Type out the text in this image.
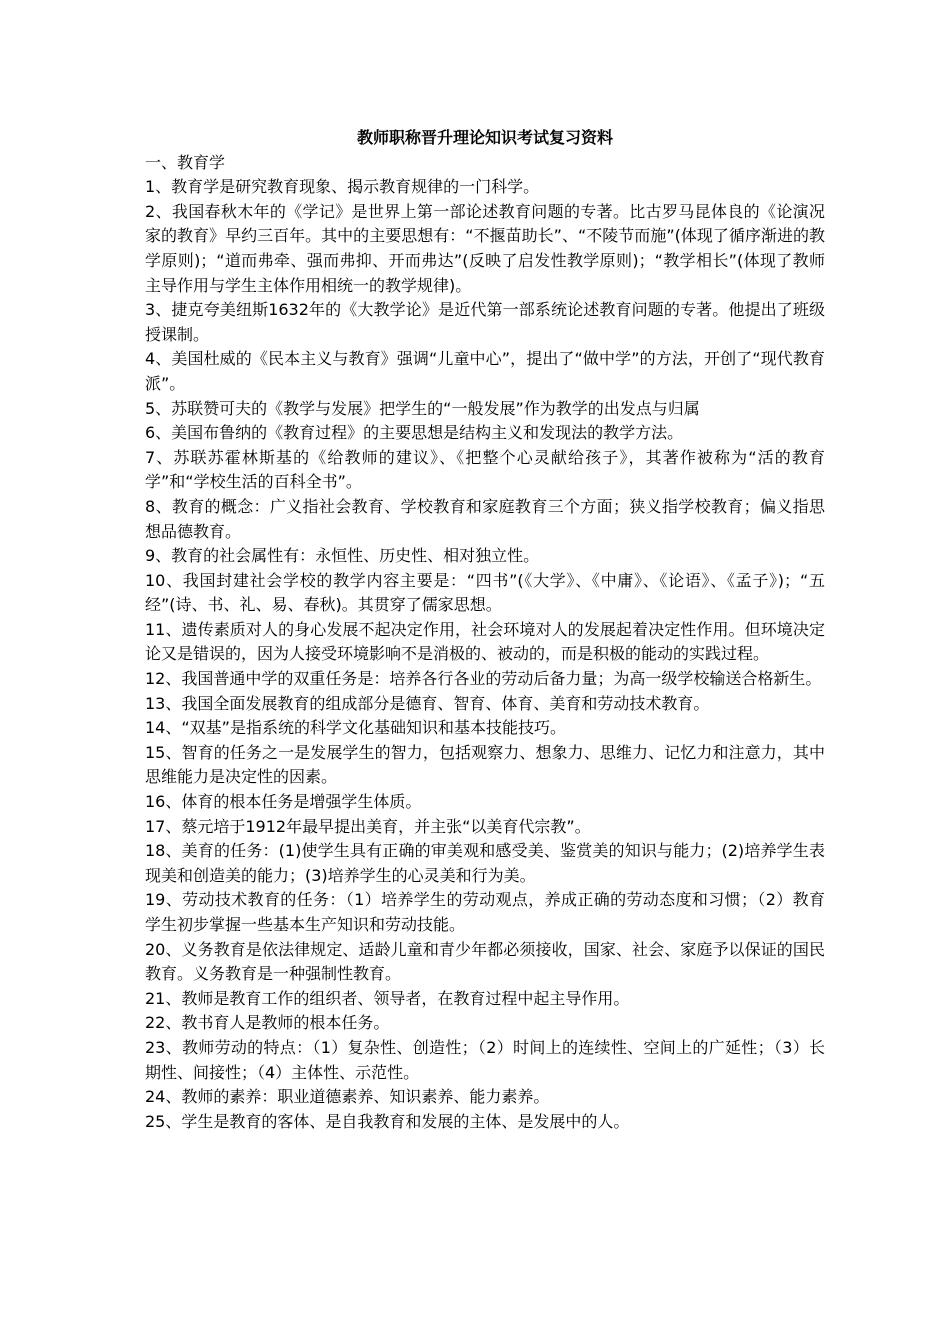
教师职称晋升理论知识考试复习资料

一、教育学

1、教育学是研究教育现象、揭示教育规律的一门科学。

2、我国春秋木年的《学记》是世界上第一部论述教育问题的专著。比古罗马昆体良的《论演况家的教育》早约三百年。其中的主要思想有：“不揠苗助长”、“不陵节而施”(体现了循序渐进的教学原则)；“道而弗牵、强而弗抑、开而弗达”(反映了启发性教学原则)；“教学相长”(体现了教师主导作用与学生主体作用相统一的教学规律)。

3、捷克夸美纽斯1632年的《大教学论》是近代第一部系统论述教育问题的专著。他提出了班级授课制。

4、美国杜威的《民本主义与教育》强调“儿童中心”，提出了“做中学”的方法，开创了“现代教育派”。

5、苏联赞可夫的《教学与发展》把学生的“一般发展”作为教学的出发点与归属

6、美国布鲁纳的《教育过程》的主要思想是结构主义和发现法的教学方法。

7、苏联苏霍林斯基的《给教师的建议》、《把整个心灵献给孩子》，其著作被称为“活的教育学”和“学校生活的百科全书”。

8、教育的概念：广义指社会教育、学校教育和家庭教育三个方面；狭义指学校教育；偏义指思想品德教育。

9、教育的社会属性有：永恒性、历史性、相对独立性。

10、我国封建社会学校的教学内容主要是：“四书”(《大学》、《中庸》、《论语》、《孟子》)；“五经”(诗、书、礼、易、春秋)。其贯穿了儒家思想。

11、遗传素质对人的身心发展不起决定作用，社会环境对人的发展起着决定性作用。但环境决定论又是错误的，因为人接受环境影响不是消极的、被动的，而是积极的能动的实践过程。

12、我国普通中学的双重任务是：培养各行各业的劳动后备力量；为高一级学校输送合格新生。

13、我国全面发展教育的组成部分是德育、智育、体育、美育和劳动技术教育。

14、“双基”是指系统的科学文化基础知识和基本技能技巧。

15、智育的任务之一是发展学生的智力，包括观察力、想象力、思维力、记忆力和注意力，其中思维能力是决定性的因素。

16、体育的根本任务是增强学生体质。

17、蔡元培于1912年最早提出美育，并主张“以美育代宗教”。

18、美育的任务：(1)使学生具有正确的审美观和感受美、鉴赏美的知识与能力；(2)培养学生表现美和创造美的能力；(3)培养学生的心灵美和行为美。

19、劳动技术教育的任务：（1）培养学生的劳动观点，养成正确的劳动态度和习惯；（2）教育学生初步掌握一些基本生产知识和劳动技能。

20、义务教育是依法律规定、适龄儿童和青少年都必须接收，国家、社会、家庭予以保证的国民教育。义务教育是一种强制性教育。

21、教师是教育工作的组织者、领导者，在教育过程中起主导作用。

22、教书育人是教师的根本任务。

23、教师劳动的特点：（1）复杂性、创造性；（2）时间上的连续性、空间上的广延性；（3）长期性、间接性；（4）主体性、示范性。

24、教师的素养：职业道德素养、知识素养、能力素养。

25、学生是教育的客体、是自我教育和发展的主体、是发展中的人。
